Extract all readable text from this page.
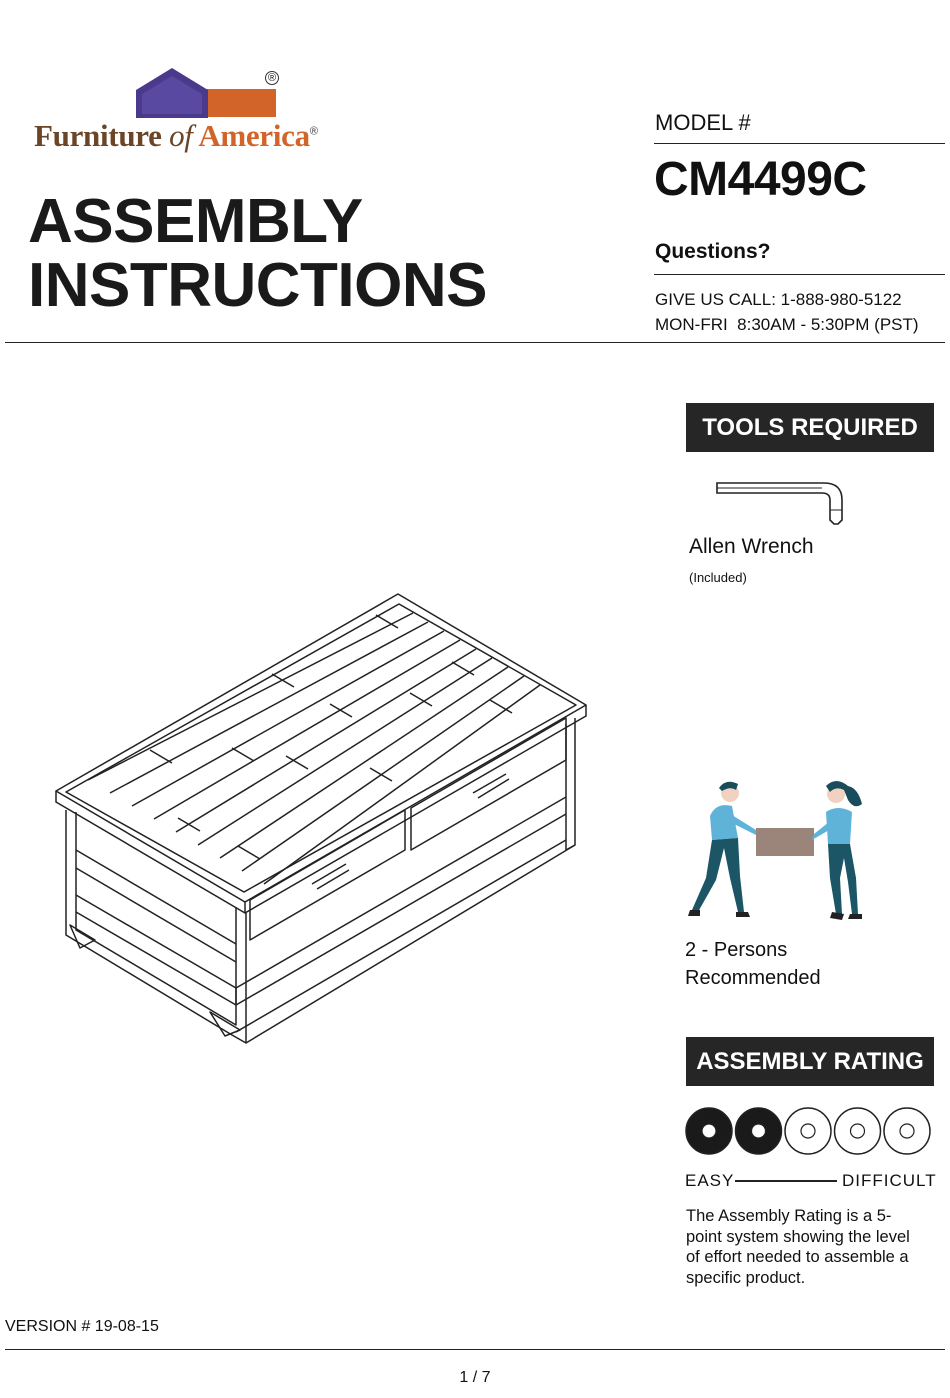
®
Furniture of America®
ASSEMBLY
INSTRUCTIONS
MODEL #
CM4499C
Questions?
GIVE US CALL: 1-888-980-5122
MON-FRI  8:30AM - 5:30PM (PST)
TOOLS REQUIRED
Allen Wrench
(Included)
2 - Persons
Recommended
ASSEMBLY RATING
EASY	DIFFICULT
The Assembly Rating is a 5-point system showing the level of effort needed to assemble a specific product.
VERSION # 19-08-15
1 / 7
